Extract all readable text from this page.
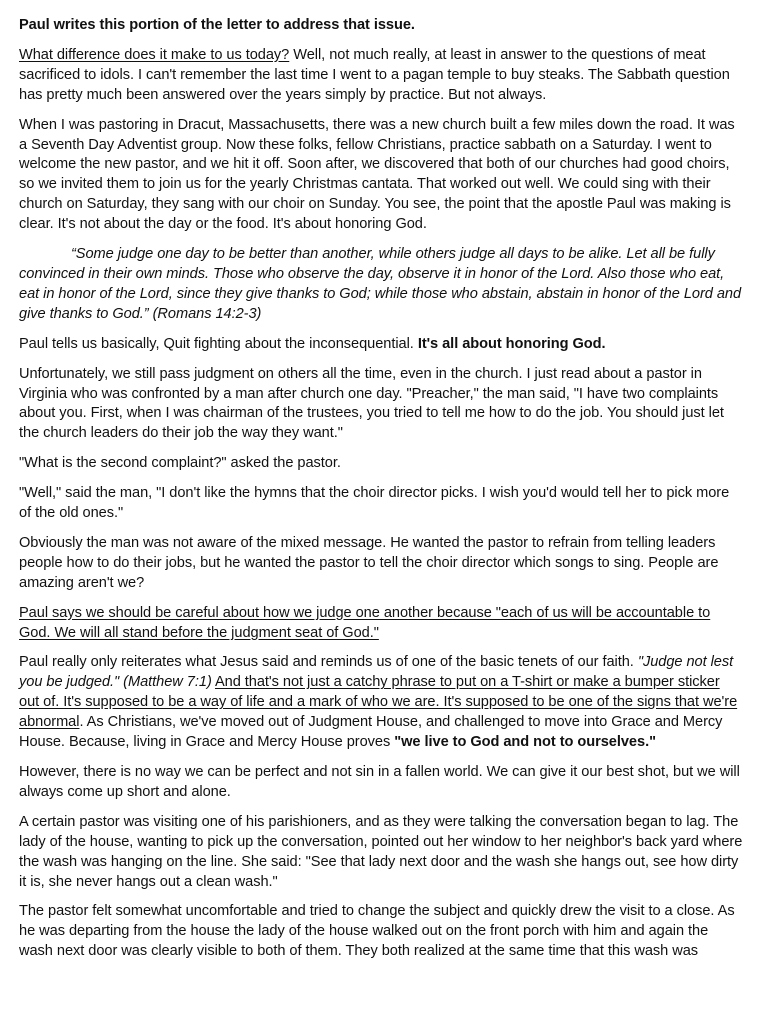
Paul writes this portion of the letter to address that issue.

What difference does it make to us today? Well, not much really, at least in answer to the questions of meat sacrificed to idols. I can't remember the last time I went to a pagan temple to buy steaks. The Sabbath question has pretty much been answered over the years simply by practice. But not always.

When I was pastoring in Dracut, Massachusetts, there was a new church built a few miles down the road. It was a Seventh Day Adventist group. Now these folks, fellow Christians, practice sabbath on a Saturday. I went to welcome the new pastor, and we hit it off. Soon after, we discovered that both of our churches had good choirs, so we invited them to join us for the yearly Christmas cantata. That worked out well. We could sing with their church on Saturday, they sang with our choir on Sunday. You see, the point that the apostle Paul was making is clear. It's not about the day or the food. It's about honoring God.

“Some judge one day to be better than another, while others judge all days to be alike. Let all be fully convinced in their own minds. Those who observe the day, observe it in honor of the Lord. Also those who eat, eat in honor of the Lord, since they give thanks to God; while those who abstain, abstain in honor of the Lord and give thanks to God.” (Romans 14:2-3)

Paul tells us basically, Quit fighting about the inconsequential. It's all about honoring God.

Unfortunately, we still pass judgment on others all the time, even in the church. I just read about a pastor in Virginia who was confronted by a man after church one day. "Preacher," the man said, "I have two complaints about you. First, when I was chairman of the trustees, you tried to tell me how to do the job. You should just let the church leaders do their job the way they want."

"What is the second complaint?" asked the pastor.

"Well," said the man, "I don't like the hymns that the choir director picks. I wish you'd would tell her to pick more of the old ones."

Obviously the man was not aware of the mixed message. He wanted the pastor to refrain from telling leaders people how to do their jobs, but he wanted the pastor to tell the choir director which songs to sing. People are amazing aren't we?

Paul says we should be careful about how we judge one another because "each of us will be accountable to God. We will all stand before the judgment seat of God."

Paul really only reiterates what Jesus said and reminds us of one of the basic tenets of our faith. "Judge not lest you be judged." (Matthew 7:1) And that's not just a catchy phrase to put on a T-shirt or make a bumper sticker out of. It's supposed to be a way of life and a mark of who we are. It's supposed to be one of the signs that we're abnormal. As Christians, we've moved out of Judgment House, and challenged to move into Grace and Mercy House. Because, living in Grace and Mercy House proves "we live to God and not to ourselves."

However, there is no way we can be perfect and not sin in a fallen world. We can give it our best shot, but we will always come up short and alone.

A certain pastor was visiting one of his parishioners, and as they were talking the conversation began to lag. The lady of the house, wanting to pick up the conversation, pointed out her window to her neighbor's back yard where the wash was hanging on the line. She said: "See that lady next door and the wash she hangs out, see how dirty it is, she never hangs out a clean wash."

The pastor felt somewhat uncomfortable and tried to change the subject and quickly drew the visit to a close. As he was departing from the house the lady of the house walked out on the front porch with him and again the wash next door was clearly visible to both of them. They both realized at the same time that this wash was
